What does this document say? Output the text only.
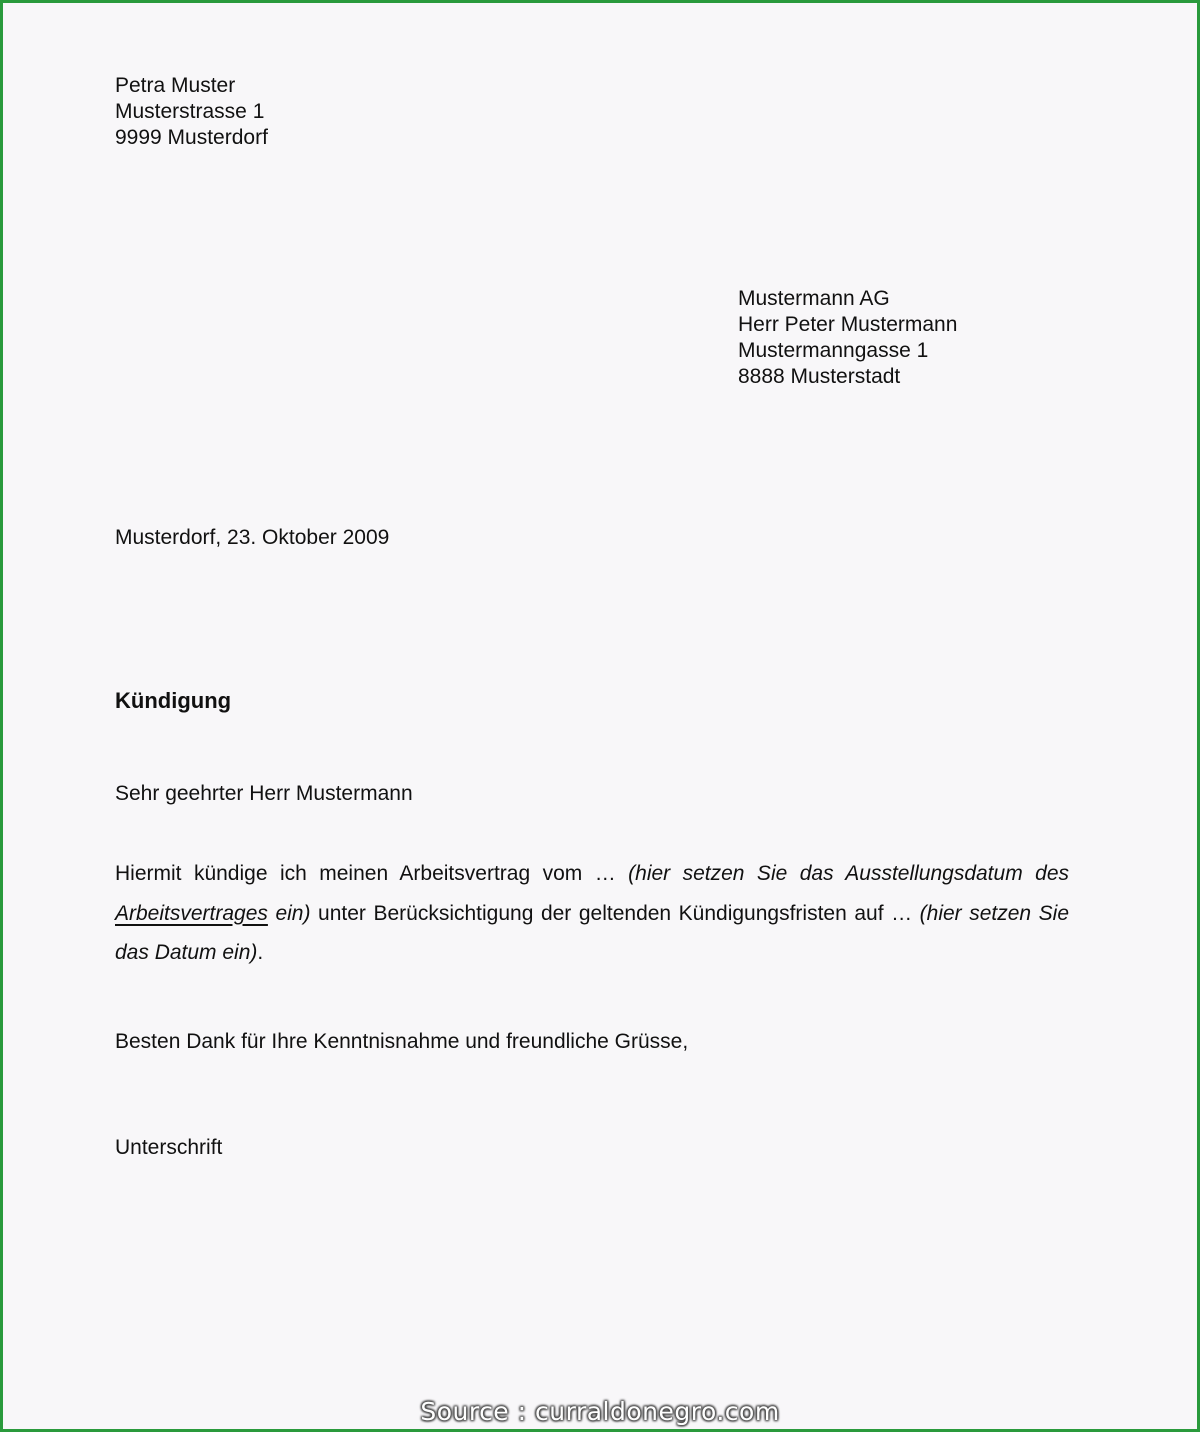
Petra Muster
Musterstrasse 1
9999 Musterdorf
Mustermann AG
Herr Peter Mustermann
Mustermanngasse 1
8888 Musterstadt
Musterdorf, 23. Oktober 2009
Kündigung
Sehr geehrter Herr Mustermann
Hiermit kündige ich meinen Arbeitsvertrag vom … (hier setzen Sie das Ausstellungsdatum des Arbeitsvertrages ein) unter Berücksichtigung der geltenden Kündigungsfristen auf … (hier setzen Sie das Datum ein).
Besten Dank für Ihre Kenntnisnahme und freundliche Grüsse,
Unterschrift
Source : curraldonegro.com
